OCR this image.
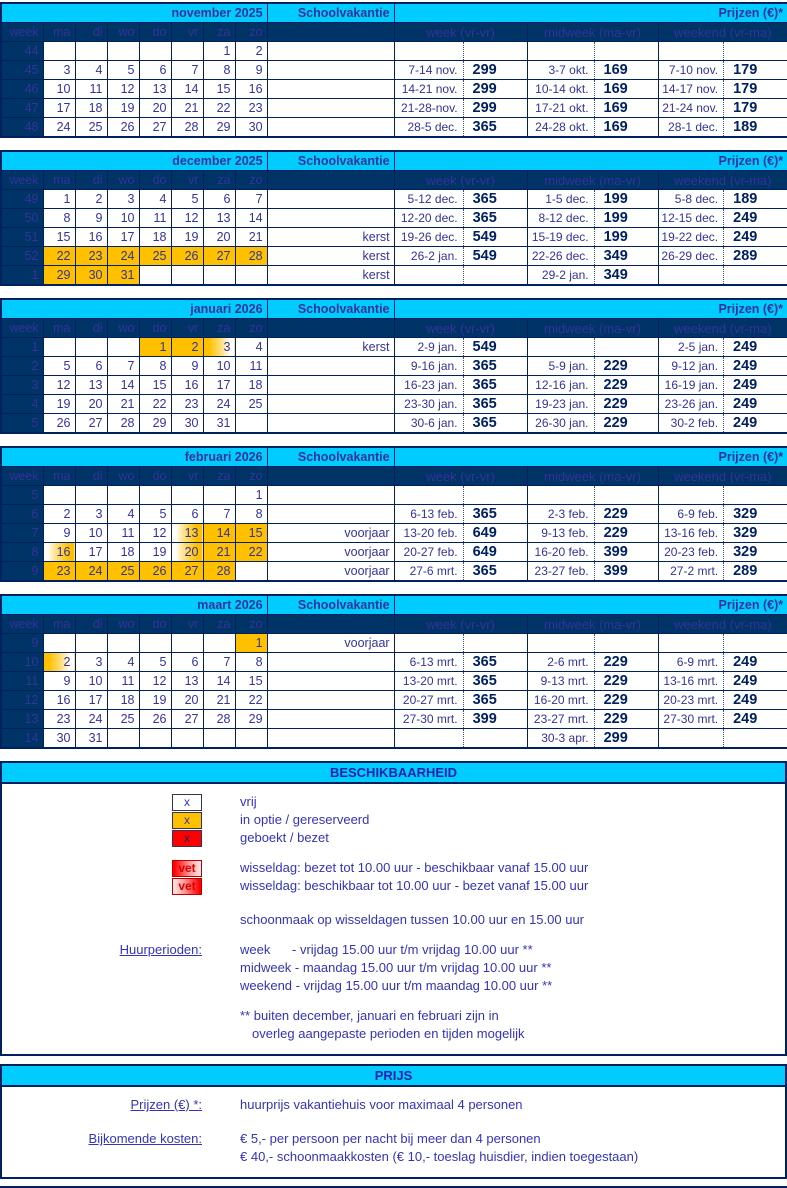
november 2025								Schoolvakantie	Prijzen (€)*		
week	ma	di	wo	do	vr	za	zo		week (vr-vr)	midweek (ma-vr)	weekend (vr-ma)
44						1	2		

45	3	4	5	6	7	8	9		7-14 nov. 299	3-7 okt. 169	7-10 nov. 179

46	10	11	12	13	14	15	16		14-21 nov. 299	10-14 okt. 169	14-17 nov. 179

47	17	18	19	20	21	22	23		21-28-nov. 299	17-21 okt. 169	21-24 nov. 179

48	24	25	26	27	28	29	30		28-5 dec. 365	24-28 okt. 169	28-1 dec. 189
december 2025								Schoolvakantie	Prijzen (€)*		
week	ma	di	wo	do	vr	za	zo		week (vr-vr)	midweek (ma-vr)	weekend (vr-ma)
49	1	2	3	4	5	6	7		5-12 dec. 365	1-5 dec. 199	5-8 dec. 189

50	8	9	10	11	12	13	14		12-20 dec. 365	8-12 dec. 199	12-15 dec. 249

51	15	16	17	18	19	20	21	kerst	19-26 dec. 549	15-19 dec. 199	19-22 dec. 249

52	22	23	24	25	26	27	28	kerst	26-2 jan. 549	22-26 dec. 349	26-29 dec. 289

1	29	30	31					kerst		29-2 jan. 349	

januari 2026								Schoolvakantie	Prijzen (€)*		
week	ma	di	wo	do	vr	za	zo		week (vr-vr)	midweek (ma-vr)	weekend (vr-ma)
1				1	2	3	4	kerst	2-9 jan. 549		2-5 jan. 249

2	5	6	7	8	9	10	11		9-16 jan. 365	5-9 jan. 229	9-12 jan. 249

3	12	13	14	15	16	17	18		16-23 jan. 365	12-16 jan. 229	16-19 jan. 249

4	19	20	21	22	23	24	25		23-30 jan. 365	19-23 jan. 229	23-26 jan. 249

5	26	27	28	29	30	31			30-6 jan. 365	26-30 jan. 229	30-2 feb. 249
februari 2026								Schoolvakantie	Prijzen (€)*		
week	ma	di	wo	do	vr	za	zo		week (vr-vr)	midweek (ma-vr)	weekend (vr-ma)
5							1		

6	2	3	4	5	6	7	8		6-13 feb. 365	2-3 feb. 229	6-9 feb. 329

7	9	10	11	12	13	14	15	voorjaar	13-20 feb. 649	9-13 feb. 229	13-16 feb. 329

8	16	17	18	19	20	21	22	voorjaar	20-27 feb. 649	16-20 feb. 399	20-23 feb. 329

9	23	24	25	26	27	28		voorjaar	27-6 mrt. 365	23-27 feb. 399	27-2 mrt. 289
maart 2026								Schoolvakantie	Prijzen (€)*		
week	ma	di	wo	do	vr	za	zo		week (vr-vr)	midweek (ma-vr)	weekend (vr-ma)
9							1	voorjaar	

10	2	3	4	5	6	7	8		6-13 mrt. 365	2-6 mrt. 229	6-9 mrt. 249

11	9	10	11	12	13	14	15		13-20 mrt. 365	9-13 mrt. 229	13-16 mrt. 249

12	16	17	18	19	20	21	22		20-27 mrt. 365	16-20 mrt. 229	20-23 mrt. 249

13	23	24	25	26	27	28	29		27-30 mrt. 399	23-27 mrt. 229	27-30 mrt. 249

14	30	31								30-3 apr. 299	

BESCHIKBAARHEID
x	vrij
x	in optie / gereserveerd
x	geboekt / bezet
vet	wisseldag: bezet tot 10.00 uur - beschikbaar vanaf 15.00 uur
vet	wisseldag: beschikbaar tot 10.00 uur - bezet vanaf 15.00 uur
schoonmaak op wisseldagen tussen 10.00 uur en 15.00 uur
Huurperioden:	week      - vrijdag 15.00 uur t/m vrijdag 10.00 uur **
midweek - maandag 15.00 uur t/m vrijdag 10.00 uur **
weekend - vrijdag 15.00 uur t/m maandag 10.00 uur **
** buiten december, januari en februari zijn in
overleg aangepaste perioden en tijden mogelijk
PRIJS
Prijzen (€) *:	huurprijs vakantiehuis voor maximaal 4 personen
Bijkomende kosten:	€ 5,- per persoon per nacht bij meer dan 4 personen
€ 40,- schoonmaakkosten (€ 10,- toeslag huisdier, indien toegestaan)
